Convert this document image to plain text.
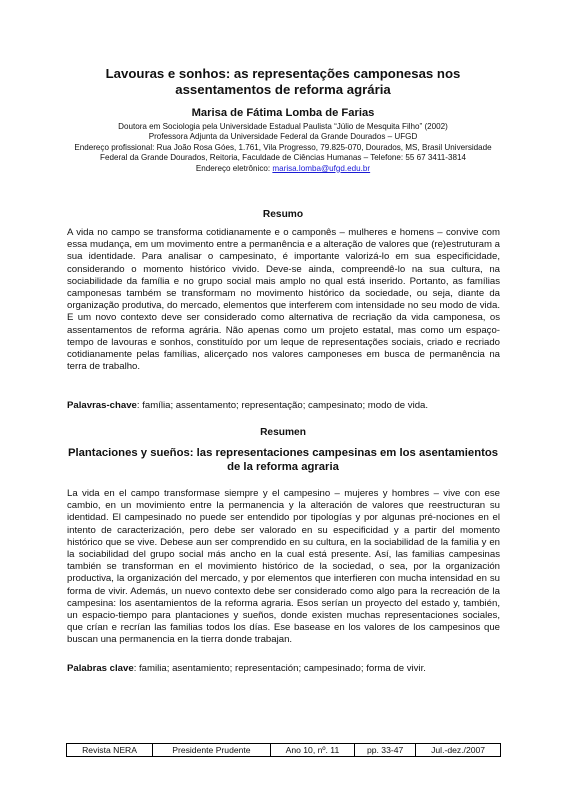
Lavouras e sonhos: as representações camponesas nos assentamentos de reforma agrária
Marisa de Fátima Lomba de Farias
Doutora em Sociologia pela Universidade Estadual Paulista “Júlio de Mesquita Filho” (2002)
Professora Adjunta da Universidade Federal da Grande Dourados – UFGD
Endereço profissional: Rua João Rosa Góes, 1.761, Vila Progresso, 79.825-070, Dourados, MS, Brasil Universidade Federal da Grande Dourados, Reitoria, Faculdade de Ciências Humanas – Telefone: 55 67 3411-3814
Endereço eletrônico: marisa.lomba@ufgd.edu.br
Resumo
A vida no campo se transforma cotidianamente e o camponês – mulheres e homens – convive com essa mudança, em um movimento entre a permanência e a alteração de valores que (re)estruturam a sua identidade. Para analisar o campesinato, é importante valorizá-lo em sua especificidade, considerando o momento histórico vivido. Deve-se ainda, compreendê-lo na sua cultura, na sociabilidade da família e no grupo social mais amplo no qual está inserido. Portanto, as famílias camponesas também se transformam no movimento histórico da sociedade, ou seja, diante da organização produtiva, do mercado, elementos que interferem com intensidade no seu modo de vida. E um novo contexto deve ser considerado como alternativa de recriação da vida camponesa, os assentamentos de reforma agrária. Não apenas como um projeto estatal, mas como um espaço-tempo de lavouras e sonhos, constituído por um leque de representações sociais, criado e recriado cotidianamente pelas famílias, alicerçado nos valores camponeses em busca de permanência na terra de trabalho.
Palavras-chave: família; assentamento; representação; campesinato; modo de vida.
Resumen
Plantaciones y sueños: las representaciones campesinas em los asentamientos de la reforma agraria
La vida en el campo transformase siempre y el campesino – mujeres y hombres – vive con ese cambio, en un movimiento entre la permanencia y la alteración de valores que reestructuran su identidad. El campesinado no puede ser entendido por tipologías y por algunas pré-nociones en el intento de caracterización, pero debe ser valorado en su especificidad y a partir del momento histórico que se vive. Debese aun ser comprendido en su cultura, en la sociabilidad de la familia y en la sociabilidad del grupo social más ancho en la cual está presente. Así, las familias campesinas también se transforman en el movimiento histórico de la sociedad, o sea, por la organización productiva, la organización del mercado, y por elementos que interfieren con mucha intensidad en su forma de vivir. Además, un nuevo contexto debe ser considerado como algo para la recreación de la campesina: los asentamientos de la reforma agraria. Esos serían un proyecto del estado y, también, un espacio-tiempo para plantaciones y sueños, donde existen muchas representaciones sociales, que crían e recrían las familias todos los días. Ese basease en los valores de los campesinos que buscan una permanencia en la tierra donde trabajan.
Palabras clave: familia; asentamiento; representación; campesinado; forma de vivir.
Revista NERA	Presidente Prudente	Ano 10, nº. 11	pp. 33-47	Jul.-dez./2007
